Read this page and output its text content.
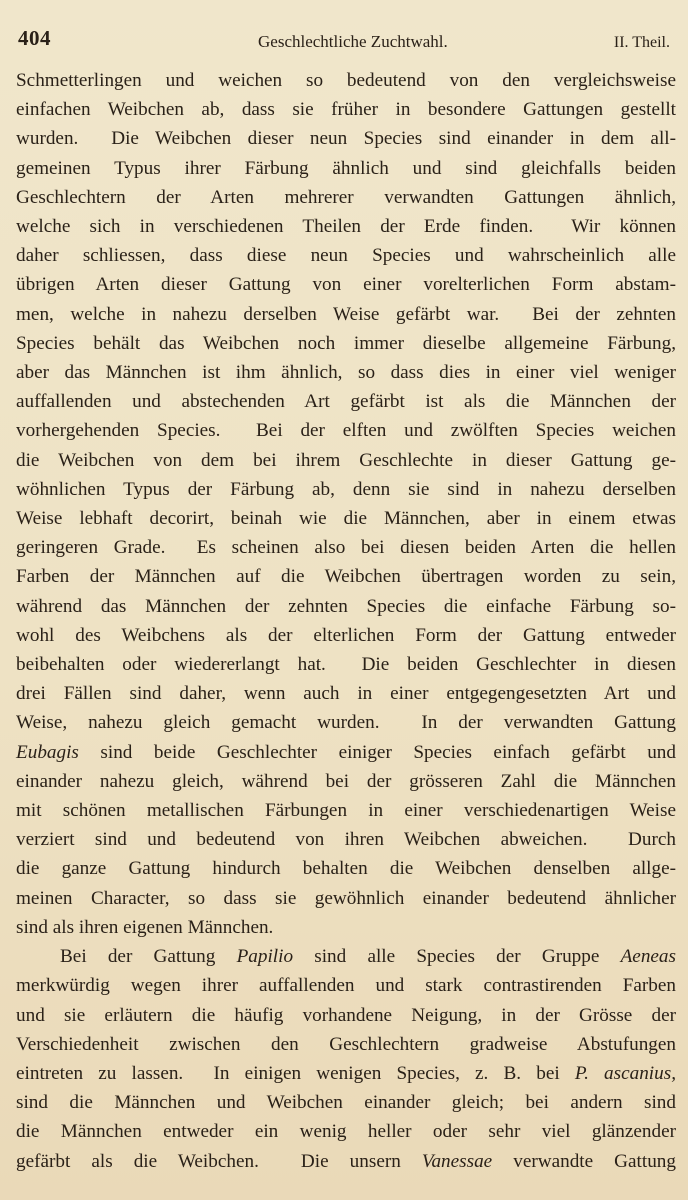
404	Geschlechtliche Zuchtwahl.	II. Theil.
Schmetterlingen und weichen so bedeutend von den vergleichsweise
einfachen Weibchen ab, dass sie früher in besondere Gattungen gestellt
wurden.  Die Weibchen dieser neun Species sind einander in dem all-
gemeinen Typus ihrer Färbung ähnlich und sind gleichfalls beiden
Geschlechtern der Arten mehrerer verwandten Gattungen ähnlich,
welche sich in verschiedenen Theilen der Erde finden.  Wir können
daher schliessen, dass diese neun Species und wahrscheinlich alle
übrigen Arten dieser Gattung von einer vorelterlichen Form abstam-
men, welche in nahezu derselben Weise gefärbt war.  Bei der zehnten
Species behält das Weibchen noch immer dieselbe allgemeine Färbung,
aber das Männchen ist ihm ähnlich, so dass dies in einer viel weniger
auffallenden und abstechenden Art gefärbt ist als die Männchen der
vorhergehenden Species.  Bei der elften und zwölften Species weichen
die Weibchen von dem bei ihrem Geschlechte in dieser Gattung ge-
wöhnlichen Typus der Färbung ab, denn sie sind in nahezu derselben
Weise lebhaft decorirt, beinah wie die Männchen, aber in einem etwas
geringeren Grade.  Es scheinen also bei diesen beiden Arten die hellen
Farben der Männchen auf die Weibchen übertragen worden zu sein,
während das Männchen der zehnten Species die einfache Färbung so-
wohl des Weibchens als der elterlichen Form der Gattung entweder
beibehalten oder wiedererlangt hat.  Die beiden Geschlechter in diesen
drei Fällen sind daher, wenn auch in einer entgegengesetzten Art und
Weise, nahezu gleich gemacht wurden.  In der verwandten Gattung
Eubagis sind beide Geschlechter einiger Species einfach gefärbt und
einander nahezu gleich, während bei der grösseren Zahl die Männchen
mit schönen metallischen Färbungen in einer verschiedenartigen Weise
verziert sind und bedeutend von ihren Weibchen abweichen.  Durch
die ganze Gattung hindurch behalten die Weibchen denselben allge-
meinen Character, so dass sie gewöhnlich einander bedeutend ähnlicher
sind als ihren eigenen Männchen.
Bei der Gattung Papilio sind alle Species der Gruppe Aeneas
merkwürdig wegen ihrer auffallenden und stark contrastirenden Farben
und sie erläutern die häufig vorhandene Neigung, in der Grösse der
Verschiedenheit zwischen den Geschlechtern gradweise Abstufungen
eintreten zu lassen.  In einigen wenigen Species, z. B. bei P. ascanius,
sind die Männchen und Weibchen einander gleich; bei andern sind
die Männchen entweder ein wenig heller oder sehr viel glänzender
gefärbt als die Weibchen.  Die unsern Vanessae verwandte Gattung
